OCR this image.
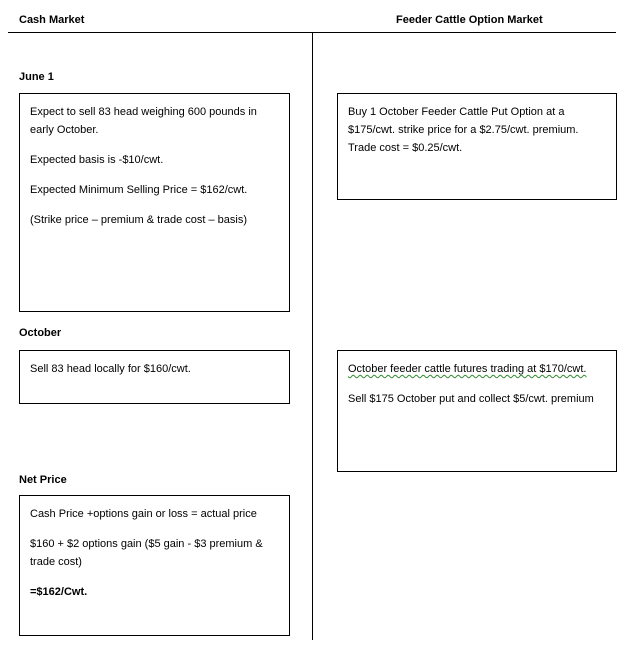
Cash Market	Feeder Cattle Option Market
June 1

Expect to sell 83 head weighing 600 pounds in early October.

Expected basis is -$10/cwt.

Expected Minimum Selling Price = $162/cwt.

(Strike price – premium & trade cost – basis)

Buy 1 October Feeder Cattle Put Option at a $175/cwt. strike price for a $2.75/cwt. premium. Trade cost = $0.25/cwt.

October

Sell 83 head locally for $160/cwt.	October feeder cattle futures trading at $170/cwt.

Sell $175 October put and collect $5/cwt. premium

Net Price

Cash Price +options gain or loss = actual price

$160 + $2 options gain ($5 gain - $3 premium & trade cost)

=$162/Cwt.
